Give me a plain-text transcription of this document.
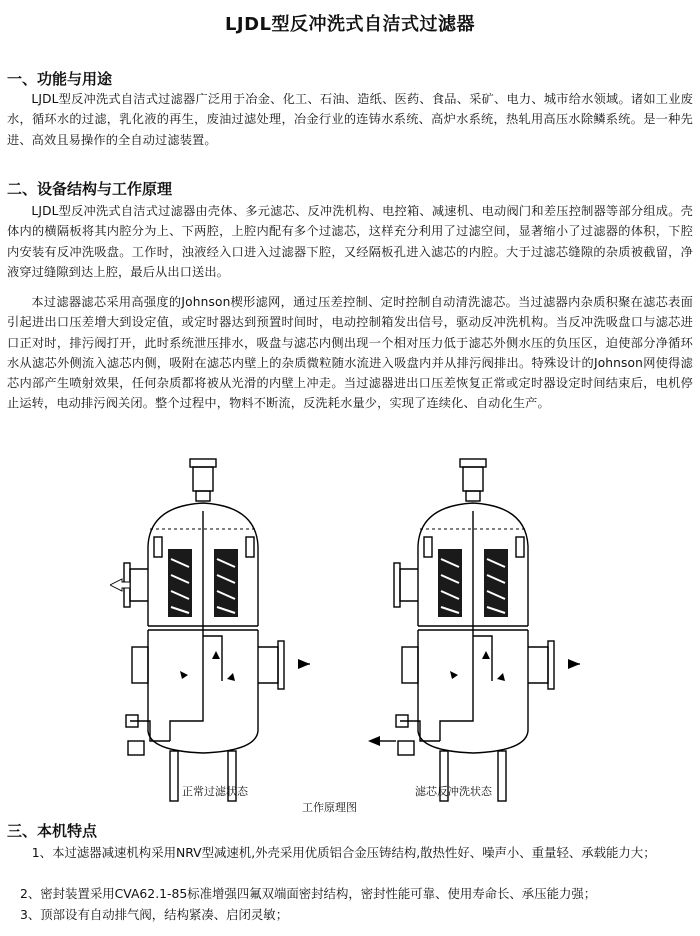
LJDL型反冲洗式自洁式过滤器
一、功能与用途

LJDL型反冲洗式自洁式过滤器广泛用于冶金、化工、石油、造纸、医药、食品、采矿、电力、城市给水领域。诸如工业废水，循环水的过滤，乳化液的再生，废油过滤处理，冶金行业的连铸水系统、高炉水系统，热轧用高压水除鳞系统。是一种先进、高效且易操作的全自动过滤装置。

二、设备结构与工作原理

LJDL型反冲洗式自洁式过滤器由壳体、多元滤芯、反冲洗机构、电控箱、减速机、电动阀门和差压控制器等部分组成。壳体内的横隔板将其内腔分为上、下两腔，上腔内配有多个过滤芯，这样充分利用了过滤空间，显著缩小了过滤器的体积，下腔内安装有反冲洗吸盘。工作时，浊液经入口进入过滤器下腔，又经隔板孔进入滤芯的内腔。大于过滤芯缝隙的杂质被截留，净液穿过缝隙到达上腔，最后从出口送出。

本过滤器滤芯采用高强度的Johnson楔形滤网，通过压差控制、定时控制自动清洗滤芯。当过滤器内杂质积聚在滤芯表面引起进出口压差增大到设定值，或定时器达到预置时间时，电动控制箱发出信号，驱动反冲洗机构。当反冲洗吸盘口与滤芯进口正对时，排污阀打开，此时系统泄压排水，吸盘与滤芯内侧出现一个相对压力低于滤芯外侧水压的负压区，迫使部分净循环水从滤芯外侧流入滤芯内侧，吸附在滤芯内壁上的杂质微粒随水流进入吸盘内并从排污阀排出。特殊设计的Johnson网使得滤芯内部产生喷射效果，任何杂质都将被从光滑的内壁上冲走。当过滤器进出口压差恢复正常或定时器设定时间结束后，电机停止运转，电动排污阀关闭。整个过程中，物料不断流，反洗耗水量少，实现了连续化、自动化生产。

正常过滤状态	滤芯反冲洗状态
工作原理图
三、本机特点

1、本过滤器减速机构采用NRV型减速机,外壳采用优质铝合金压铸结构,散热性好、噪声小、重量轻、承载能力大；

2、密封装置采用CVA62.1-85标准增强四氟双端面密封结构，密封性能可靠、使用寿命长、承压能力强；

3、顶部设有自动排气阀，结构紧凑、启闭灵敏；
